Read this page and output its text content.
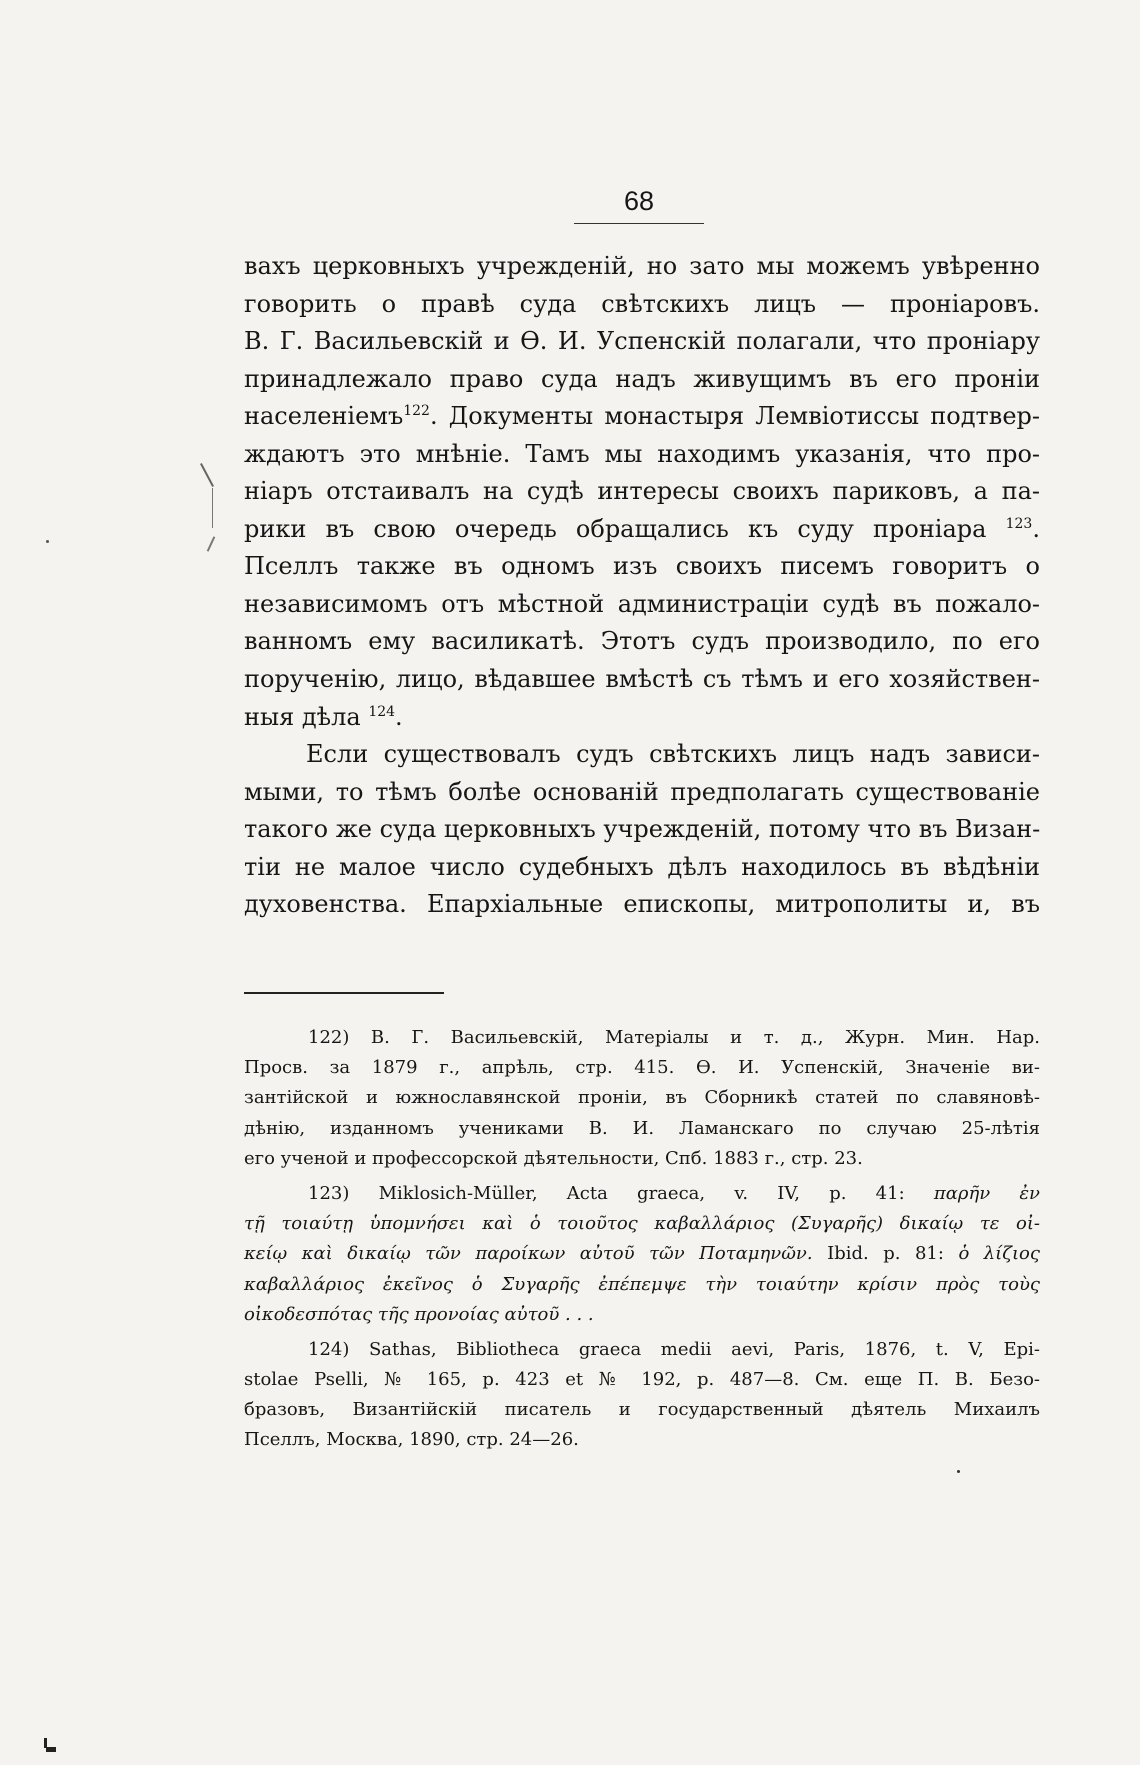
68
вахъ церковныхъ учрежденій, но зато мы можемъ увѣренно
говорить о правѣ суда свѣтскихъ лицъ — проніаровъ.
В. Г. Васильевскій и Ѳ. И. Успенскій полагали, что проніару
принадлежало право суда надъ живущимъ въ его проніи
населеніемъ$^{122}$. Документы монастыря Лемвіотиссы подтвер-
ждаютъ это мнѣніе. Тамъ мы находимъ указанія, что про-
ніаръ отстаивалъ на судѣ интересы своихъ париковъ, а па-
рики въ свою очередь обращались къ суду проніара $^{123}$.
Пселлъ также въ одномъ изъ своихъ писемъ говоритъ о
независимомъ отъ мѣстной администраціи судѣ въ пожало-
ванномъ ему василикатѣ. Этотъ судъ производило, по его
порученію, лицо, вѣдавшее вмѣстѣ съ тѣмъ и его хозяйствен-
ныя дѣла $^{124}$.
Если существовалъ судъ свѣтскихъ лицъ надъ зависи-
мыми, то тѣмъ болѣе основаній предполагать существованіе
такого же суда церковныхъ учрежденій, потому что въ Визан-
тіи не малое число судебныхъ дѣлъ находилось въ вѣдѣніи
духовенства. Епархіальные епископы, митрополиты и, въ
122) В. Г. Васильевскій, Матеріалы и т. д., Журн. Мин. Нар.
Просв. за 1879 г., апрѣль, стр. 415. Ѳ. И. Успенскій, Значеніе ви-
зантійской и южнославянской проніи, въ Сборникѣ статей по славяновѣ-
дѣнію, изданномъ учениками В. И. Ламанскаго по случаю 25-лѣтія
его ученой и профессорской дѣятельности, Спб. 1883 г., стр. 23.
123) Miklosich-Müller, Acta graeca, v. IV, p. 41: παρῆν ἐν
τῇ τοιαύτῃ ὑπομνήσει καὶ ὁ τοιοῦτος καβαλλάριος (Συγαρῆς) δικαίῳ τε οἰ-
κείῳ καὶ δικαίῳ τῶν παροίκων αὐτοῦ τῶν Ποταμηνῶν. Ibid. p. 81: ὁ λίζιος
καβαλλάριος ἐκεῖνος ὁ Συγαρῆς ἐπέπεμψε τὴν τοιαύτην κρίσιν πρὸς τοὺς
οἰκοδεσπότας τῆς προνοίας αὐτοῦ . . .
124) Sathas, Bibliotheca graeca medii aevi, Paris, 1876, t. V, Epi-
stolae Pselli, № 165, p. 423 et № 192, p. 487—8. См. еще П. В. Безо-
бразовъ, Византійскій писатель и государственный дѣятель Михаилъ
Пселлъ, Москва, 1890, стр. 24—26.
